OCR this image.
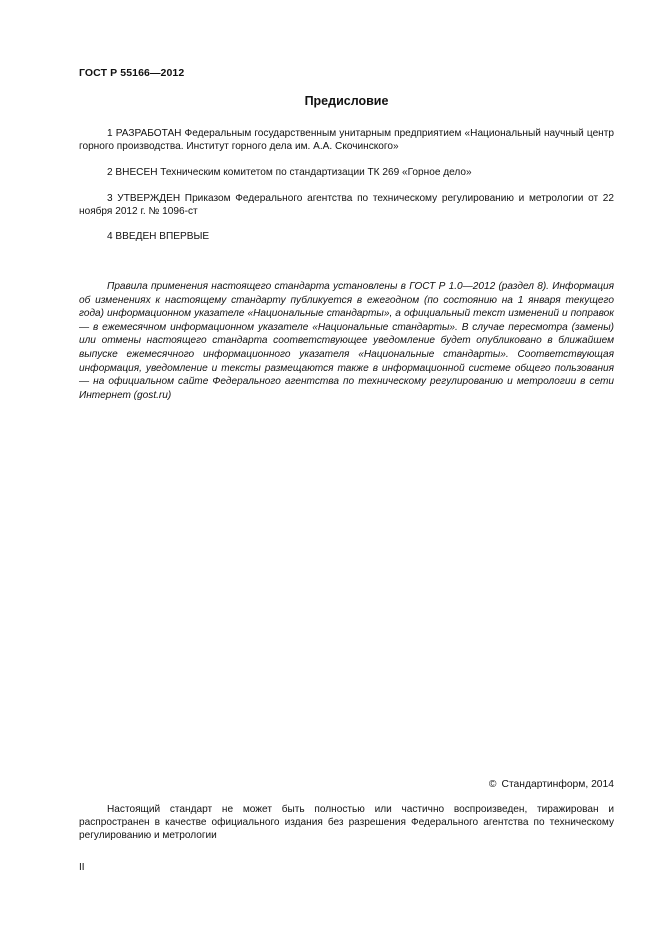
ГОСТ Р 55166—2012
Предисловие

1 РАЗРАБОТАН Федеральным государственным унитарным предприятием «Национальный научный центр горного производства. Институт горного дела им. А.А. Скочинского»

2 ВНЕСЕН Техническим комитетом по стандартизации ТК 269 «Горное дело»

3 УТВЕРЖДЕН Приказом Федерального агентства по техническому регулированию и метрологии от 22 ноября 2012 г. № 1096-ст

4 ВВЕДЕН ВПЕРВЫЕ

Правила применения настоящего стандарта установлены в ГОСТ Р 1.0—2012 (раздел 8). Информация об изменениях к настоящему стандарту публикуется в ежегодном (по состоянию на 1 января текущего года) информационном указателе «Национальные стандарты», а официальный текст изменений и поправок — в ежемесячном информационном указателе «Национальные стандарты». В случае пересмотра (замены) или отмены настоящего стандарта соответствующее уведомление будет опубликовано в ближайшем выпуске ежемесячного информационного указателя «Национальные стандарты». Соответствующая информация, уведомление и тексты размещаются также в информационной системе общего пользования — на официальном сайте Федерального агентства по техническому регулированию и метрологии в сети Интернет (gost.ru)

© Стандартинформ, 2014

Настоящий стандарт не может быть полностью или частично воспроизведен, тиражирован и распространен в качестве официального издания без разрешения Федерального агентства по техническому регулированию и метрологии

II
